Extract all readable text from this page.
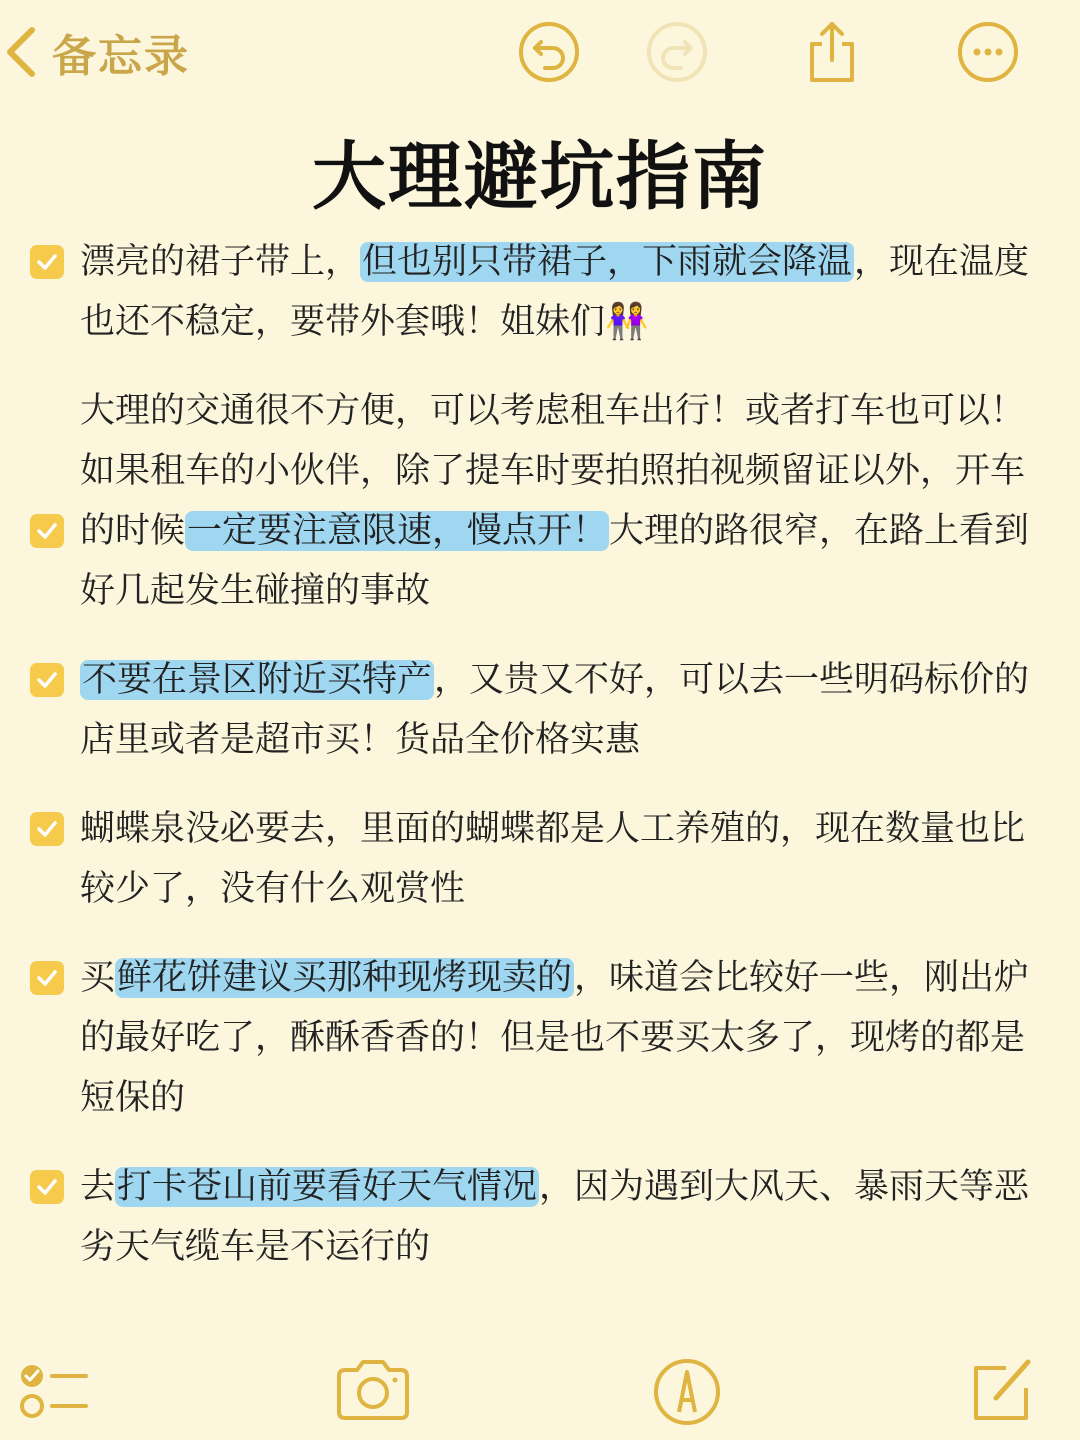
备忘录
大理避坑指南
漂亮的裙子带上，但也别只带裙子，下雨就会降温，现在温度也还不稳定，要带外套哦！姐妹们👭
大理的交通很不方便，可以考虑租车出行！或者打车也可以！
如果租车的小伙伴，除了提车时要拍照拍视频留证以外，开车的时候一定要注意限速，慢点开！大理的路很窄，在路上看到好几起发生碰撞的事故
不要在景区附近买特产，又贵又不好，可以去一些明码标价的店里或者是超市买！货品全价格实惠
蝴蝶泉没必要去，里面的蝴蝶都是人工养殖的，现在数量也比较少了，没有什么观赏性
买鲜花饼建议买那种现烤现卖的，味道会比较好一些，刚出炉的最好吃了，酥酥香香的！但是也不要买太多了，现烤的都是短保的
去打卡苍山前要看好天气情况，因为遇到大风天、暴雨天等恶劣天气缆车是不运行的
